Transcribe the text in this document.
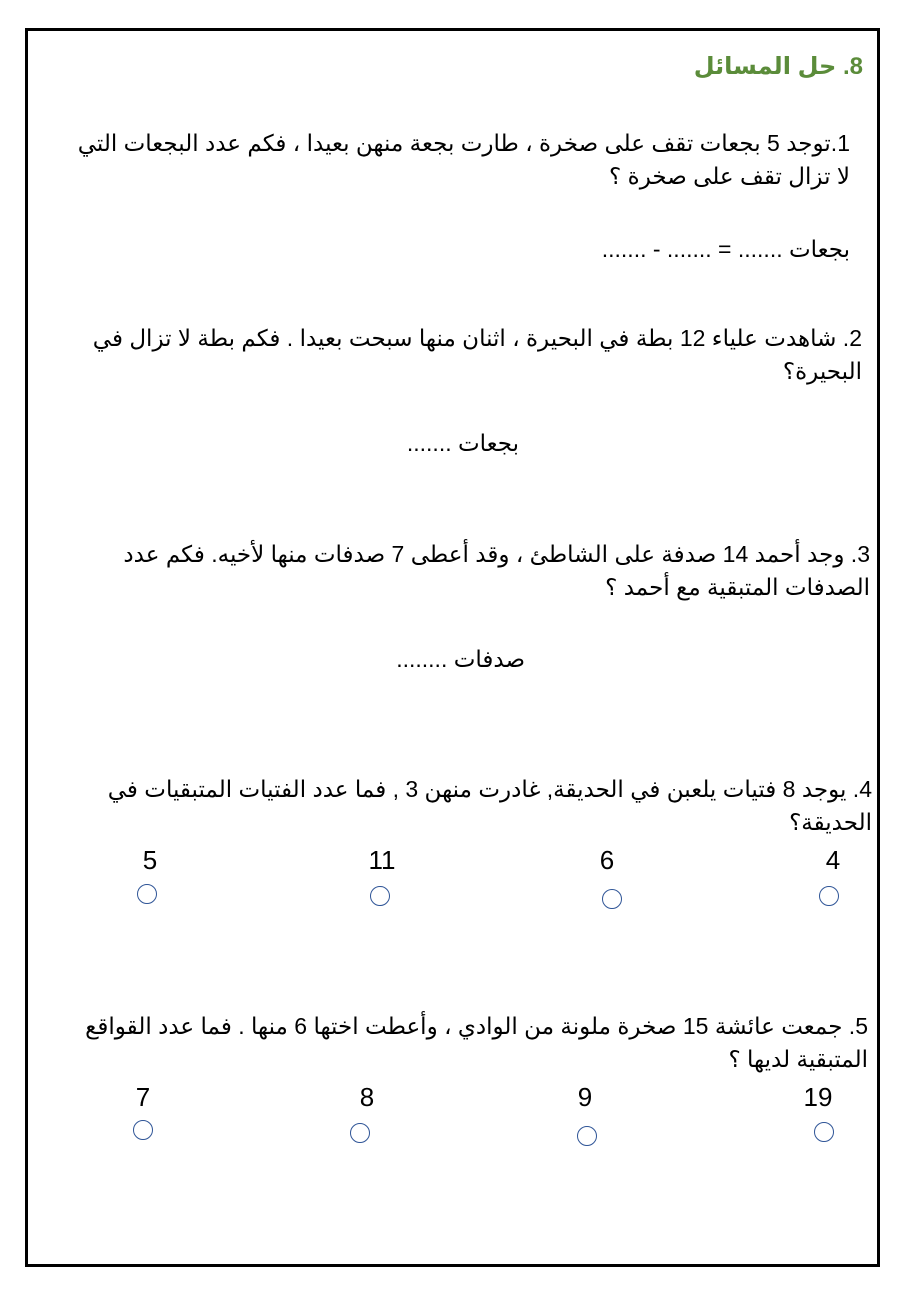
8. حل المسائل
1.توجد 5 بجعات تقف على صخرة ، طارت بجعة منهن بعيدا ، فكم عدد البجعات التي لا تزال تقف على صخرة ؟
بجعات ....... = ....... - .......
2. شاهدت علياء 12 بطة في البحيرة ، اثنان منها سبحت بعيدا . فكم بطة لا تزال في البحيرة؟
بجعات .......
3. وجد أحمد 14 صدفة على الشاطئ ، وقد أعطى 7 صدفات منها لأخيه. فكم عدد الصدفات المتبقية مع أحمد ؟
صدفات ........
4. يوجد 8 فتيات يلعبن في الحديقة, غادرت منهن 3 , فما عدد الفتيات المتبقيات في الحديقة؟
4
6
11
5
5. جمعت عائشة 15 صخرة ملونة من الوادي ، وأعطت اختها 6 منها . فما عدد القواقع المتبقية لديها ؟
19
9
8
7
